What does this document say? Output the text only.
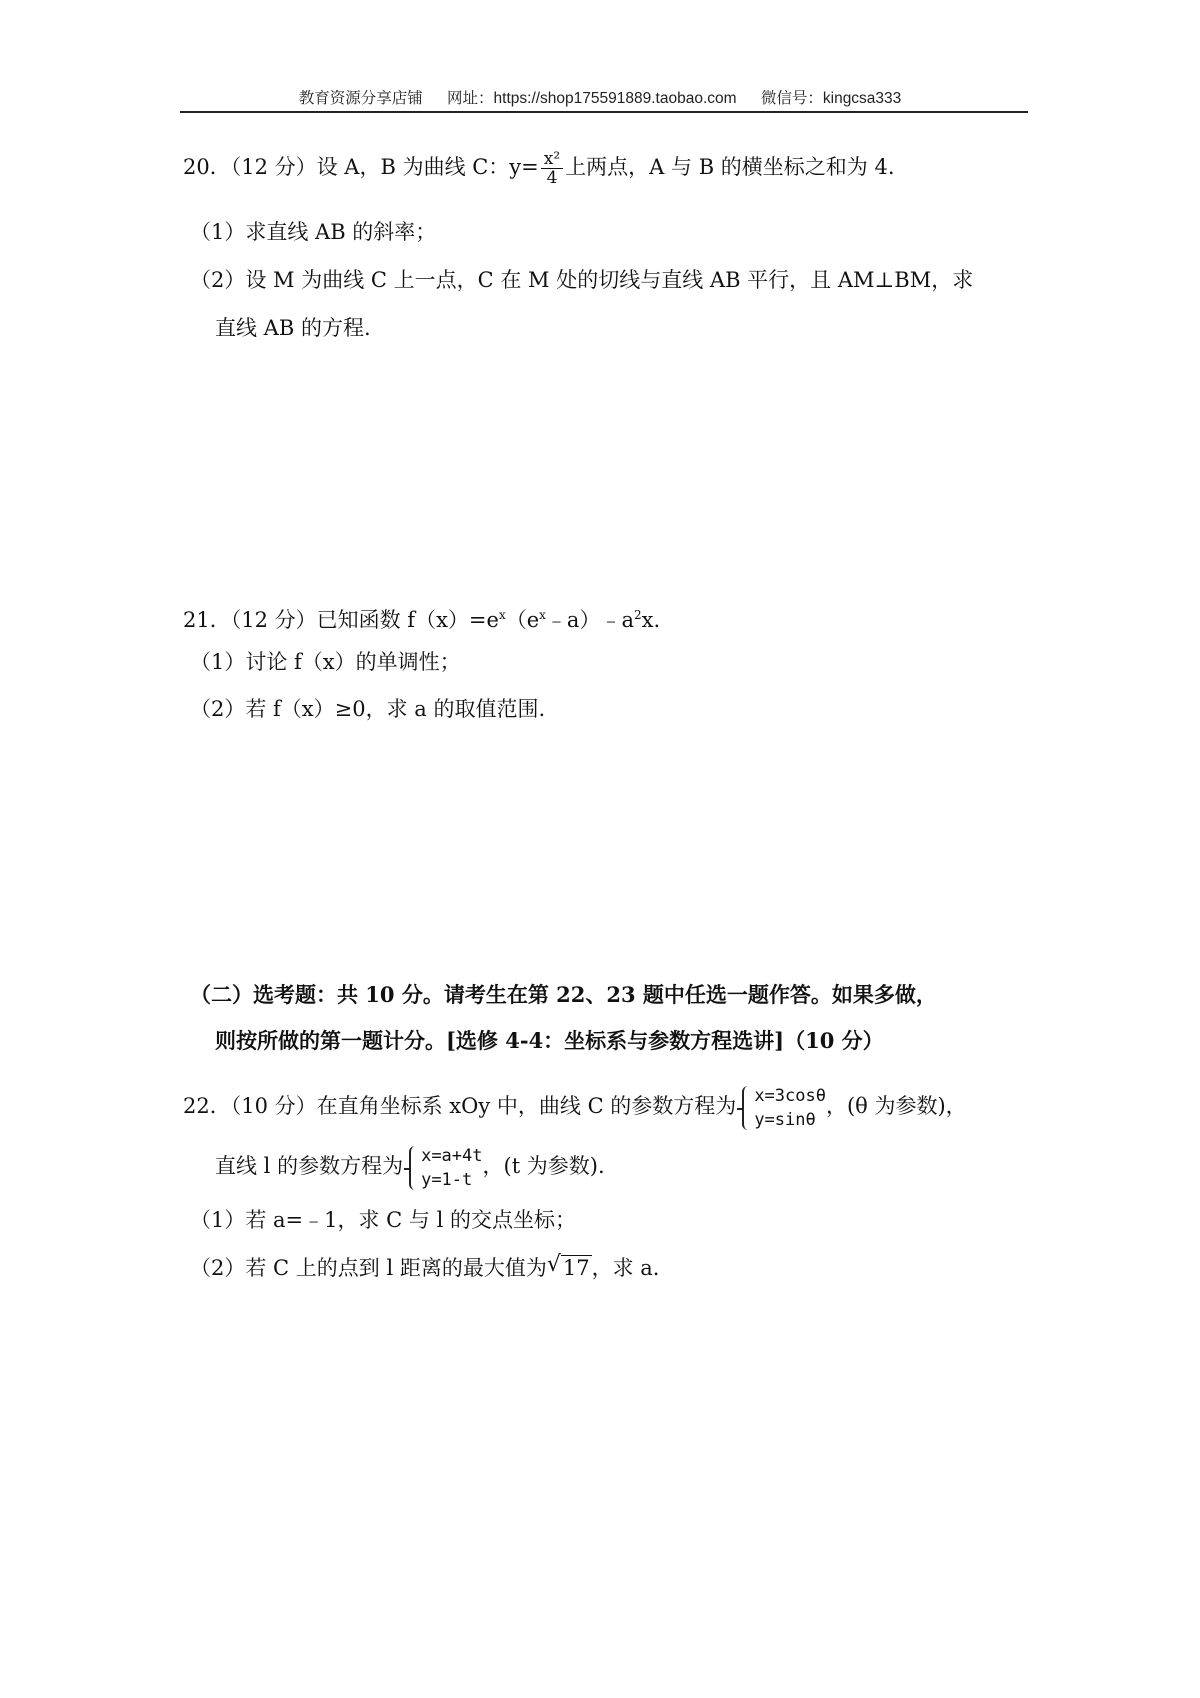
教育资源分享店铺 网址：https://shop175591889.taobao.com 微信号：kingcsa333
20．（12 分）设 A，B 为曲线 C：$y= \frac{\text{x²}}{4}$ 上两点，A 与 B 的横坐标之和为 4.
（1）求直线 AB 的斜率；
（2）设 M 为曲线 C 上一点，C 在 M 处的切线与直线 AB 平行，且 AM⊥BM，求
直线 AB 的方程.
21．（12 分）已知函数 $f(x)=e^x(e^x﹣a)﹣a^2x$.
（1）讨论 f（x）的单调性；
（2）若 f（x）≥0，求 a 的取值范围.
（二）选考题：共 10 分。请考生在第 22、23 题中任选一题作答。如果多做，
则按所做的第一题计分。[选修 4-4：坐标系与参数方程选讲]（10 分）
22．（10 分）在直角坐标系 xOy 中，曲线 C 的参数方程为 x=3cosθ
y=sinθ
，(θ 为参数)，
直线 l 的参数方程为 x=a+4t
y=1-t
，(t 为参数).
（1）若 a=﹣1，求 C 与 l 的交点坐标；
（2）若 C 上的点到 l 距离的最大值为√ 17，求 a.
